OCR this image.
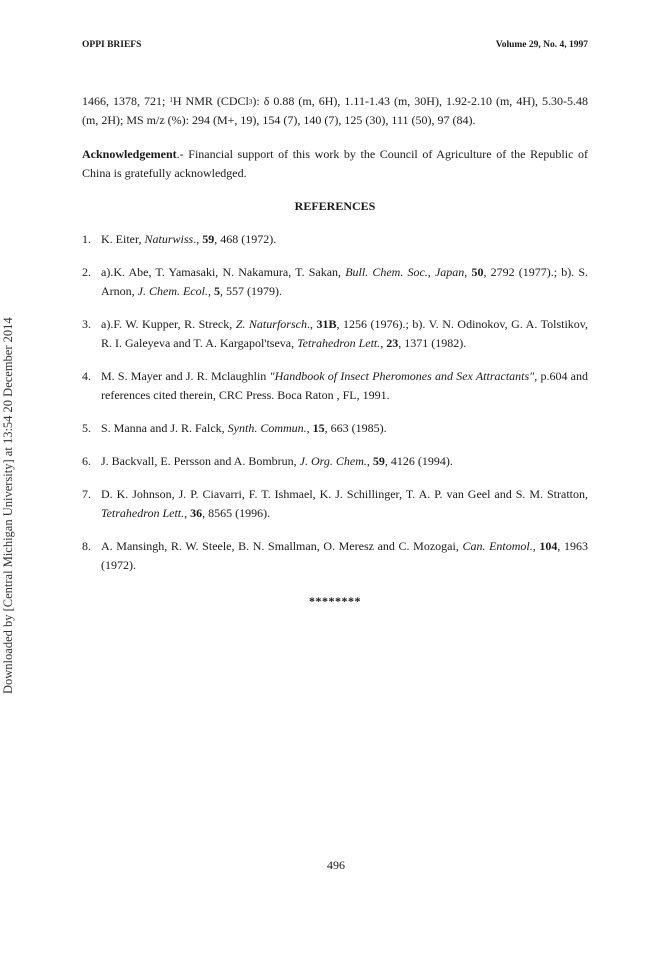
OPPI BRIEFS	Volume 29, No. 4, 1997
Downloaded by [Central Michigan University] at 13:54 20 December 2014

1466, 1378, 721; $^1$H NMR (CDCl$_3$): δ 0.88 (m, 6H), 1.11-1.43 (m, 30H), 1.92-2.10 (m, 4H), 5.30-5.48 (m, 2H); MS m/z (%): 294 (M+, 19), 154 (7), 140 (7), 125 (30), 111 (50), 97 (84).

Acknowledgement.- Financial support of this work by the Council of Agriculture of the Republic of China is gratefully acknowledged.

REFERENCES

1. K. Eiter, Naturwiss., 59, 468 (1972).

2. a).K. Abe, T. Yamasaki, N. Nakamura, T. Sakan, Bull. Chem. Soc., Japan, 50, 2792 (1977).; b). S. Arnon, J. Chem. Ecol., 5, 557 (1979).

3. a).F. W. Kupper, R. Streck, Z. Naturforsch., 31B, 1256 (1976).; b). V. N. Odinokov, G. A. Tolstikov, R. I. Galeyeva and T. A. Kargapol'tseva, Tetrahedron Lett., 23, 1371 (1982).

4. M. S. Mayer and J. R. Mclaughlin "Handbook of Insect Pheromones and Sex Attractants", p.604 and references cited therein, CRC Press. Boca Raton , FL, 1991.

5. S. Manna and J. R. Falck, Synth. Commun., 15, 663 (1985).

6. J. Backvall, E. Persson and A. Bombrun, J. Org. Chem., 59, 4126 (1994).

7. D. K. Johnson, J. P. Ciavarri, F. T. Ishmael, K. J. Schillinger, T. A. P. van Geel and S. M. Stratton, Tetrahedron Lett., 36, 8565 (1996).

8. A. Mansingh, R. W. Steele, B. N. Smallman, O. Meresz and C. Mozogai, Can. Entomol., 104, 1963 (1972).

********

496
